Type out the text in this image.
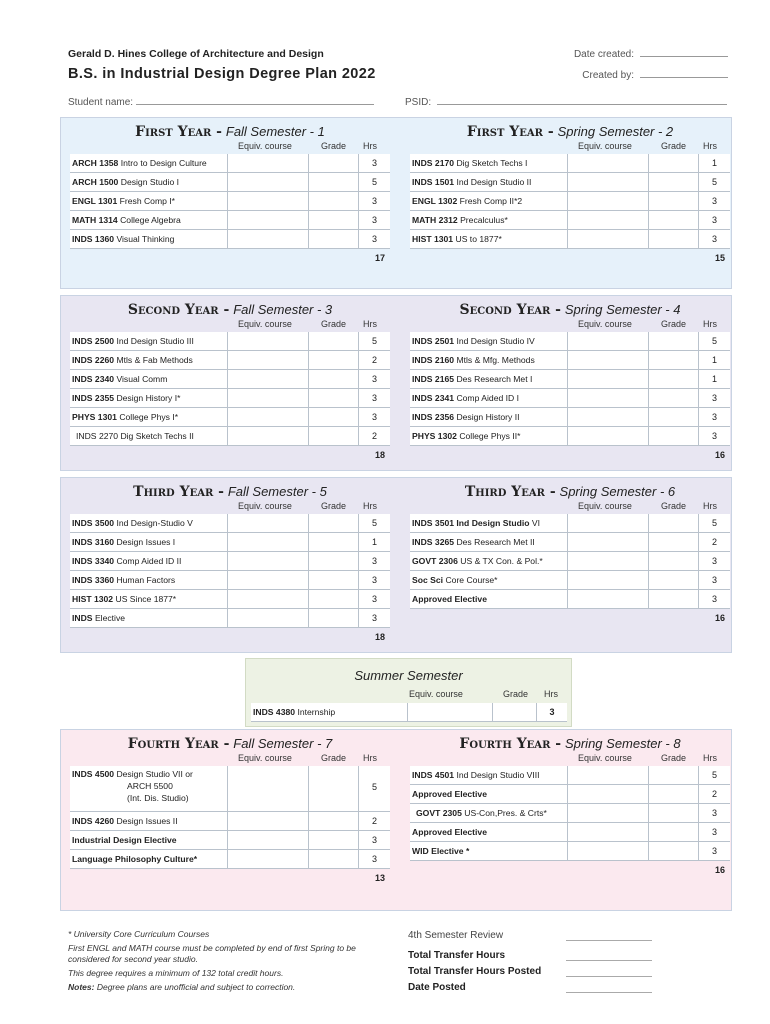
Gerald D. Hines College of Architecture and Design
B.S. in Industrial Design Degree Plan 2022
Date created:
Created by:
Student name:	PSID:
First Year - Fall Semester - 1
Equiv. course	Grade Hrs
ARCH 1358 Intro to Design Culture	3
ARCH 1500 Design Studio I	5
ENGL 1301 Fresh Comp I*	3
MATH 1314 College Algebra	3
INDS 1360 Visual Thinking	3
17
First Year - Spring Semester - 2
Equiv. course	Grade Hrs
INDS 2170 Dig Sketch Techs I	1
INDS 1501 Ind Design Studio II	5
ENGL 1302 Fresh Comp II*2	3
MATH 2312 Precalculus*	3
HIST 1301 US to 1877*	3
15
Second Year - Fall Semester - 3
Equiv. course	Grade Hrs
INDS 2500 Ind Design Studio III	5
INDS 2260 Mtls & Fab Methods	2
INDS 2340 Visual Comm	3
INDS 2355 Design History I*	3
PHYS 1301 College Phys I*	3
INDS 2270 Dig Sketch Techs II	2
18
Second Year - Spring Semester - 4
Equiv. course	Grade Hrs
INDS 2501 Ind Design Studio IV	5
INDS 2160 Mtls & Mfg. Methods	1
INDS 2165 Des Research Met I	1
INDS 2341 Comp Aided ID I	3
INDS 2356 Design History II	3
PHYS 1302 College Phys II*	3
16
Third Year - Fall Semester - 5
Equiv. course	Grade Hrs
INDS 3500 Ind Design-Studio V	5
INDS 3160 Design Issues I	1
INDS 3340 Comp Aided ID II	3
INDS 3360 Human Factors	3
HIST 1302 US Since 1877*	3
INDS Elective	3
18
Third Year - Spring Semester - 6
Equiv. course	Grade Hrs
INDS 3501 Ind Design Studio VI	5
INDS 3265 Des Research Met II	2
GOVT 2306 US & TX Con. & Pol.*	3
Soc Sci Core Course*	3
Approved Elective	3
16
Fourth Year - Fall Semester - 7
Equiv. course	Grade Hrs
INDS 4500 Design Studio VII or
ARCH 5500
(Int. Dis. Studio)
5
INDS 4260 Design Issues II	2
Industrial Design Elective	3
Language Philosophy Culture*	3
13
Fourth Year - Spring Semester - 8
Equiv. course	Grade Hrs
INDS 4501 Ind Design Studio VIII	5
Approved Elective	2
GOVT 2305 US-Con,Pres. & Crts*	3
Approved Elective	3
WID Elective *	3
16
Summer Semester
Equiv. course	Grade Hrs
INDS 4380 Internship	3

* University Core Curriculum Courses

First ENGL and MATH course must be completed by end of first Spring to be considered for second year studio.

This degree requires a minimum of 132 total credit hours.

Notes: Degree plans are unofficial and subject to correction.

4th Semester Review
Total Transfer Hours
Total Transfer Hours Posted
Date Posted
